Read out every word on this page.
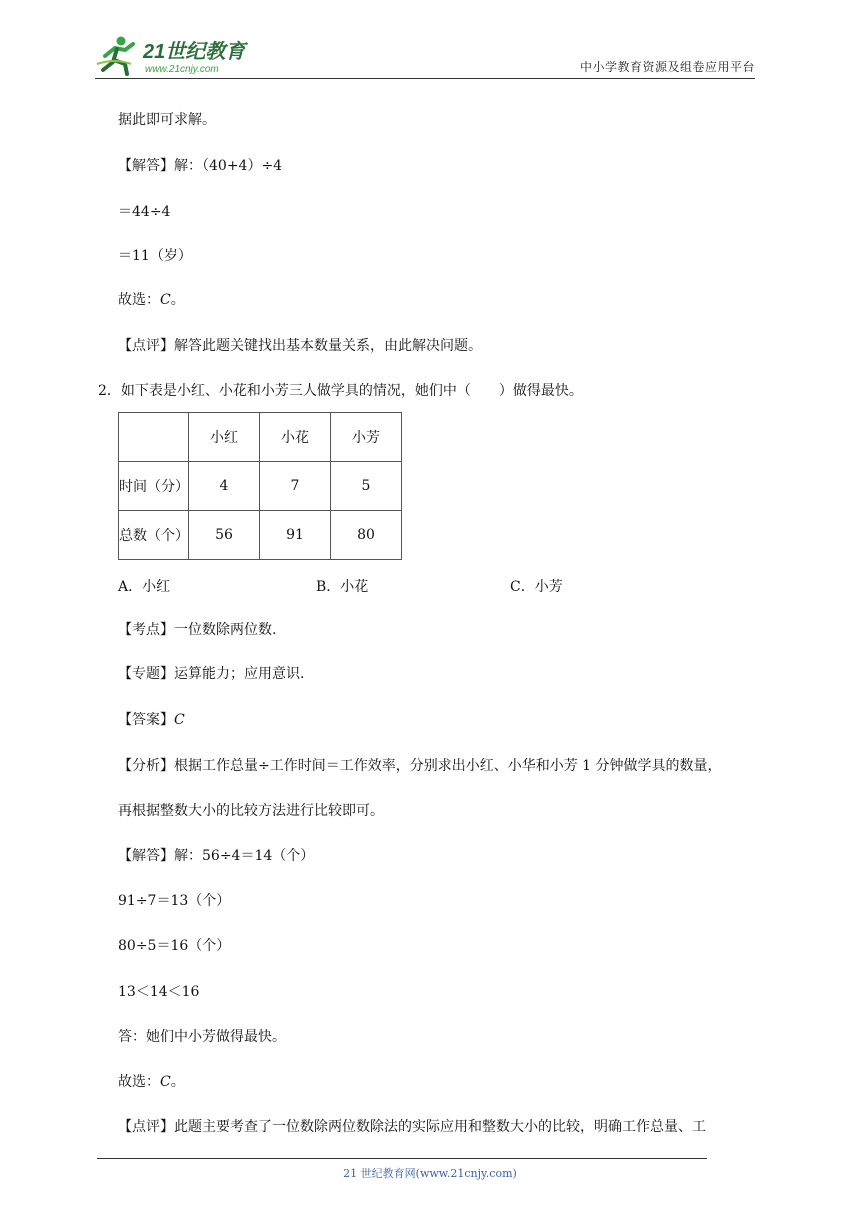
21世纪教育
www.21cnjy.com	中小学教育资源及组卷应用平台
据此即可求解。
【解答】解：（40+4）÷4
＝44÷4
＝11（岁）
故选：C。
【点评】解答此题关键找出基本数量关系，由此解决问题。
2．如下表是小红、小花和小芳三人做学具的情况，她们中（　　）做得最快。
	小红	小花	小芳
时间（分）	4	7	5
总数（个）	56	91	80
A．小红	B．小花	C．小芳
【考点】一位数除两位数.
【专题】运算能力；应用意识.
【答案】C
【分析】根据工作总量÷工作时间＝工作效率，分别求出小红、小华和小芳 1 分钟做学具的数量，
再根据整数大小的比较方法进行比较即可。
【解答】解：56÷4＝14（个）
91÷7＝13（个）
80÷5＝16（个）
13＜14＜16
答：她们中小芳做得最快。
故选：C。
【点评】此题主要考查了一位数除两位数除法的实际应用和整数大小的比较，明确工作总量、工
21 世纪教育网(www.21cnjy.com)
